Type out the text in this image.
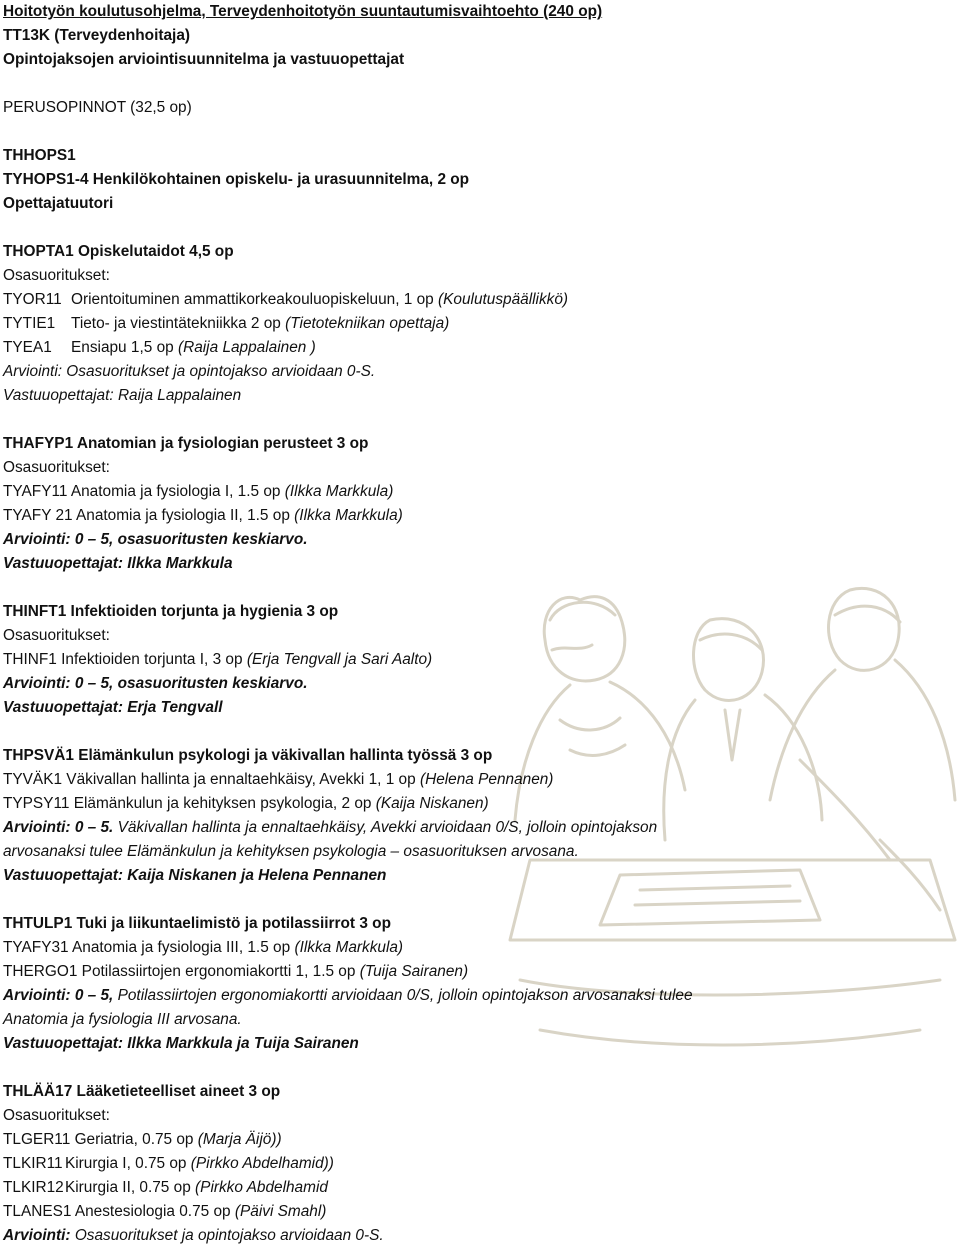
Hoitotyön koulutusohjelma, Terveydenhoitotyön suuntautumisvaihtoehto (240 op)
TT13K (Terveydenhoitaja)
Opintojaksojen arviointisuunnitelma ja vastuuopettajat
PERUSOPINNOT (32,5 op)
THHOPS1
TYHOPS1-4 Henkilökohtainen opiskelu- ja urasuunnitelma, 2 op
Opettajatuutori
THOPTA1 Opiskelutaidot 4,5 op
Osasuoritukset:
TYOR11 Orientoituminen ammattikorkeakouluopiskeluun, 1 op (Koulutuspäällikkö)
TYTIE1 Tieto- ja viestintätekniikka 2 op (Tietotekniikan opettaja)
TYEA1 Ensiapu 1,5 op (Raija Lappalainen )
Arviointi: Osasuoritukset ja opintojakso arvioidaan 0-S.
Vastuuopettajat: Raija Lappalainen
THAFYP1 Anatomian ja fysiologian perusteet 3 op
Osasuoritukset:
TYAFY11 Anatomia ja fysiologia I, 1.5 op (Ilkka Markkula)
TYAFY 21 Anatomia ja fysiologia II, 1.5 op (Ilkka Markkula)
Arviointi: 0 – 5, osasuoritusten keskiarvo.
Vastuuopettajat: Ilkka Markkula
THINFT1 Infektioiden torjunta ja hygienia 3 op
Osasuoritukset:
THINF1 Infektioiden torjunta I, 3 op (Erja Tengvall ja Sari Aalto)
Arviointi: 0 – 5, osasuoritusten keskiarvo.
Vastuuopettajat: Erja Tengvall
THPSVÄ1 Elämänkulun psykologi ja väkivallan hallinta työssä 3 op
TYVÄK1 Väkivallan hallinta ja ennaltaehkäisy, Avekki 1, 1 op (Helena Pennanen)
TYPSY11 Elämänkulun ja kehityksen psykologia, 2 op (Kaija Niskanen)
Arviointi: 0 – 5. Väkivallan hallinta ja ennaltaehkäisy, Avekki arvioidaan 0/S, jolloin opintojakson
arvosanaksi tulee Elämänkulun ja kehityksen psykologia – osasuorituksen arvosana.
Vastuuopettajat: Kaija Niskanen ja Helena Pennanen
THTULP1 Tuki ja liikuntaelimistö ja potilassiirrot 3 op
TYAFY31 Anatomia ja fysiologia III, 1.5 op (Ilkka Markkula)
THERGO1 Potilassiirtojen ergonomiakortti 1, 1.5 op (Tuija Sairanen)
Arviointi: 0 – 5, Potilassiirtojen ergonomiakortti arvioidaan 0/S, jolloin opintojakson arvosanaksi tulee
Anatomia ja fysiologia III arvosana.
Vastuuopettajat: Ilkka Markkula ja Tuija Sairanen
THLÄÄ17 Lääketieteelliset aineet 3 op
Osasuoritukset:
TLGER11 Geriatria, 0.75 op (Marja Äijö))
TLKIR11 Kirurgia I, 0.75 op (Pirkko Abdelhamid))
TLKIR12Kirurgia II, 0.75 op (Pirkko Abdelhamid
TLANES1 Anestesiologia 0.75 op (Päivi Smahl)
Arviointi: Osasuoritukset ja opintojakso arvioidaan 0-S.
